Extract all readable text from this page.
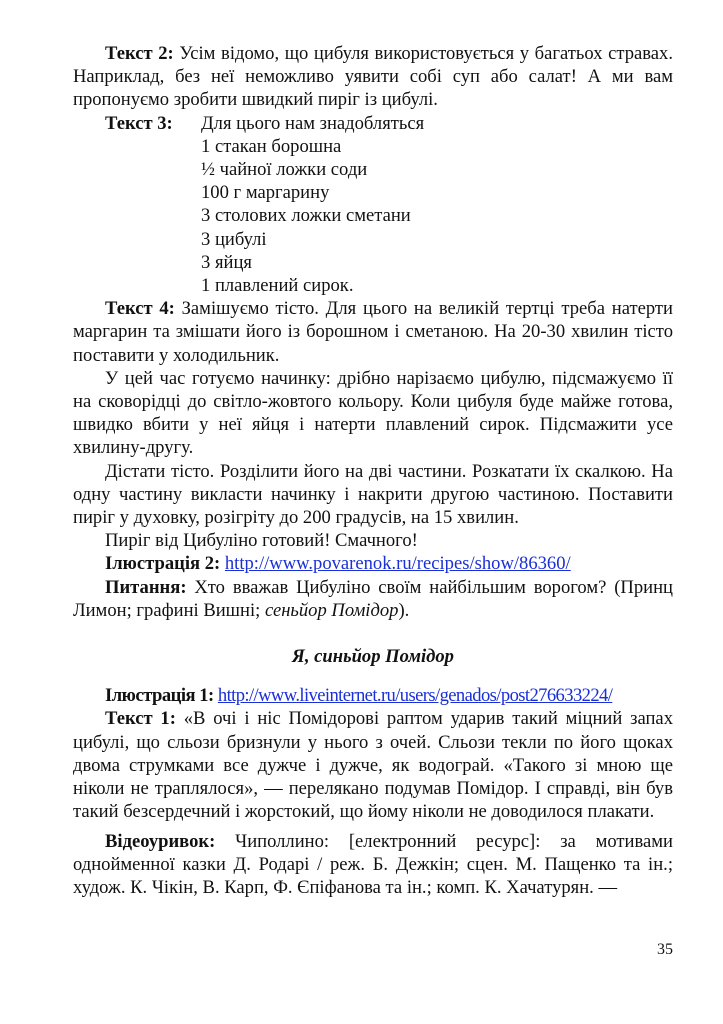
Текст 2: Усім відомо, що цибуля використовується у багатьох стравах. Наприклад, без неї неможливо уявити собі суп або салат! А ми вам пропонуємо зробити швидкий пиріг із цибулі.

Текст 3:	Для цього нам знадобляться
1 стакан борошна
½ чайної ложки соди
100 г маргарину
3 столових ложки сметани
3 цибулі
3 яйця
1 плавлений сирок.

Текст 4: Замішуємо тісто. Для цього на великій тертці треба натерти маргарин та змішати його із борошном і сметаною. На 20-30 хвилин тісто поставити у холодильник.

У цей час готуємо начинку: дрібно нарізаємо цибулю, підсмажуємо її на сковорідці до світло-жовтого кольору. Коли цибуля буде майже готова, швидко вбити у неї яйця і натерти плавлений сирок. Підсмажити усе хвилину-другу.

Дістати тісто. Розділити його на дві частини. Розкатати їх скалкою. На одну частину викласти начинку і накрити другою частиною. Поставити пиріг у духовку, розігріту до 200 градусів, на 15 хвилин.

Пиріг від Цибуліно готовий! Смачного!

Ілюстрація 2: http://www.povarenok.ru/recipes/show/86360/

Питання: Хто вважав Цибуліно своїм найбільшим ворогом? (Принц Лимон; графині Вишні; сеньйор Помідор).

Я, синьйор Помідор

Ілюстрація 1: http://www.liveinternet.ru/users/genados/post276633224/

Текст 1: «В очі і ніс Помідорові раптом ударив такий міцний запах цибулі, що сльози бризнули у нього з очей. Сльози текли по його щоках двома струмками все дужче і дужче, як водограй. «Такого зі мною ще ніколи не траплялося», — перелякано подумав Помідор. І справді, він був такий безсердечний і жорстокий, що йому ніколи не доводилося плакати.

Відеоуривок: Чиполлино: [електронний ресурс]: за мотивами однойменної казки Д. Родарі / реж. Б. Дежкін; сцен. М. Пащенко та ін.; худож. К. Чікін, В. Карп, Ф. Єпіфанова та ін.; комп. К. Хачатурян. —

35
